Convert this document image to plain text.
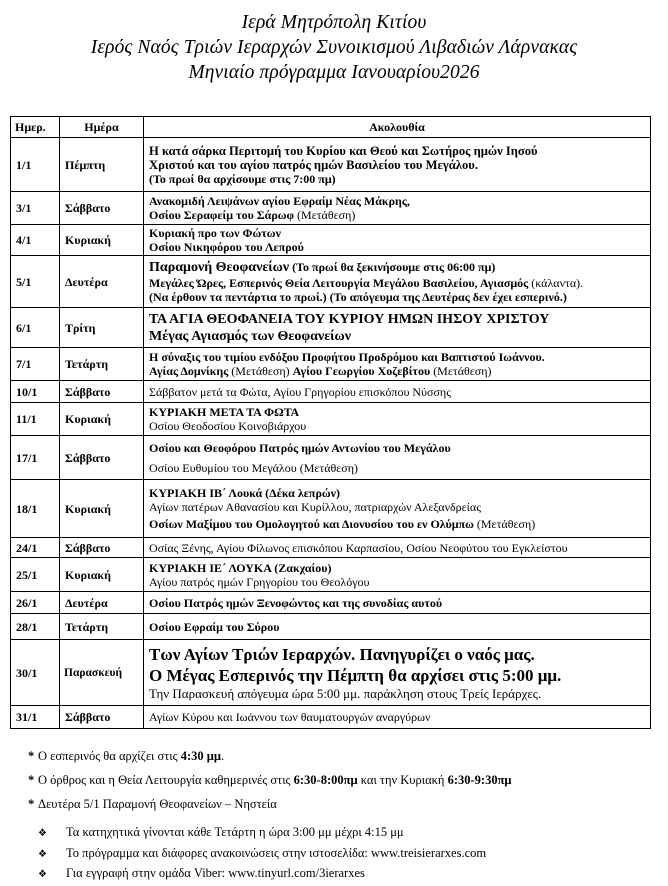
Ιερά Μητρόπολη Κιτίου
Ιερός Ναός Τριών Ιεραρχών Συνοικισμού Λιβαδιών Λάρνακας
Μηνιαίο πρόγραμμα Ιανουαρίου2026
Ημερ.	Ημέρα	Ακολουθία
1/1	Πέμπτη	Η κατά σάρκα Περιτομή του Κυρίου και Θεού και Σωτήρος ημών Ιησού
Χριστού και του αγίου πατρός ημών Βασιλείου του Μεγάλου.
(Το πρωί θα αρχίσουμε στις 7:00 πμ)

3/1	Σάββατο	Ανακομιδή Λειψάνων αγίου Εφραίμ Νέας Μάκρης,
Οσίου Σεραφείμ του Σάρωφ (Μετάθεση)

4/1	Κυριακή	Κυριακή προ των Φώτων
Οσίου Νικηφόρου του Λεπρού

5/1	Δευτέρα	Παραμονή Θεοφανείων (Το πρωί θα ξεκινήσουμε στις 06:00 πμ)
Μεγάλες Ώρες, Εσπερινός Θεία Λειτουργία Μεγάλου Βασιλείου, Αγιασμός (κάλαντα).
(Να έρθουν τα πεντάρτια το πρωί.) (Το απόγευμα της Δευτέρας δεν έχει εσπερινό.)

6/1	Τρίτη	ΤΑ ΑΓΙΑ ΘΕΟΦΑΝΕΙΑ ΤΟΥ ΚΥΡΙΟΥ ΗΜΩΝ ΙΗΣΟΥ ΧΡΙΣΤΟΥ
Μέγας Αγιασμός των Θεοφανείων

7/1	Τετάρτη	Η σύναξις του τιμίου ενδόξου Προφήτου Προδρόμου και Βαπτιστού Ιωάννου.
Αγίας Δομνίκης (Μετάθεση) Αγίου Γεωργίου Χοζεβίτου (Μετάθεση)

10/1	Σάββατο	Σάββατον μετά τα Φώτα, Αγίου Γρηγορίου επισκόπου Νύσσης

11/1	Κυριακή	ΚΥΡΙΑΚΗ ΜΕΤΑ ΤΑ ΦΩΤΑ
Οσίου Θεοδοσίου Κοινοβιάρχου

17/1	Σάββατο	Οσίου και Θεοφόρου Πατρός ημών Αντωνίου του Μεγάλου
Οσίου Ευθυμίου του Μεγάλου (Μετάθεση)

18/1	Κυριακή	ΚΥΡΙΑΚΗ ΙΒ΄ Λουκά (Δέκα λεπρών)
Αγίων πατέρων Αθανασίου και Κυρίλλου, πατριαρχών Αλεξανδρείας
Οσίων Μαξίμου του Ομολογητού και Διονυσίου του εν Ολύμπω (Μετάθεση)

24/1	Σάββατο	Οσίας Ξένης, Αγίου Φίλωνος επισκόπου Καρπασίου, Οσίου Νεοφύτου του Εγκλείστου

25/1	Κυριακή	ΚΥΡΙΑΚΗ ΙΕ΄ ΛΟΥΚΑ (Ζακχαίου)
Αγίου πατρός ημών Γρηγορίου του Θεολόγου

26/1	Δευτέρα	Οσίου Πατρός ημών Ξενοφώντος και της συνοδίας αυτού

28/1	Τετάρτη	Οσίου Εφραίμ του Σύρου

30/1	Παρασκευή	Των Αγίων Τριών Ιεραρχών. Πανηγυρίζει ο ναός μας.
Ο Μέγας Εσπερινός την Πέμπτη θα αρχίσει στις 5:00 μμ.
Την Παρασκευή απόγευμα ώρα 5:00 μμ. παράκληση στους Τρείς Ιεράρχες.

31/1	Σάββατο	Αγίων Κύρου και Ιωάννου των θαυματουργών αναργύρων
* Ο εσπερινός θα αρχίζει στις 4:30 μμ.
* Ο όρθρος και η Θεία Λειτουργία καθημερινές στις 6:30-8:00πμ και την Κυριακή 6:30-9:30πμ
* Δευτέρα 5/1 Παραμονή Θεοφανείων – Νηστεία
❖ Τα κατηχητικά γίνονται κάθε Τετάρτη η ώρα 3:00 μμ μέχρι 4:15 μμ
❖ Το πρόγραμμα και διάφορες ανακοινώσεις στην ιστοσελίδα: www.treisierarxes.com
❖ Για εγγραφή στην ομάδα Viber: www.tinyurl.com/3ierarxes
